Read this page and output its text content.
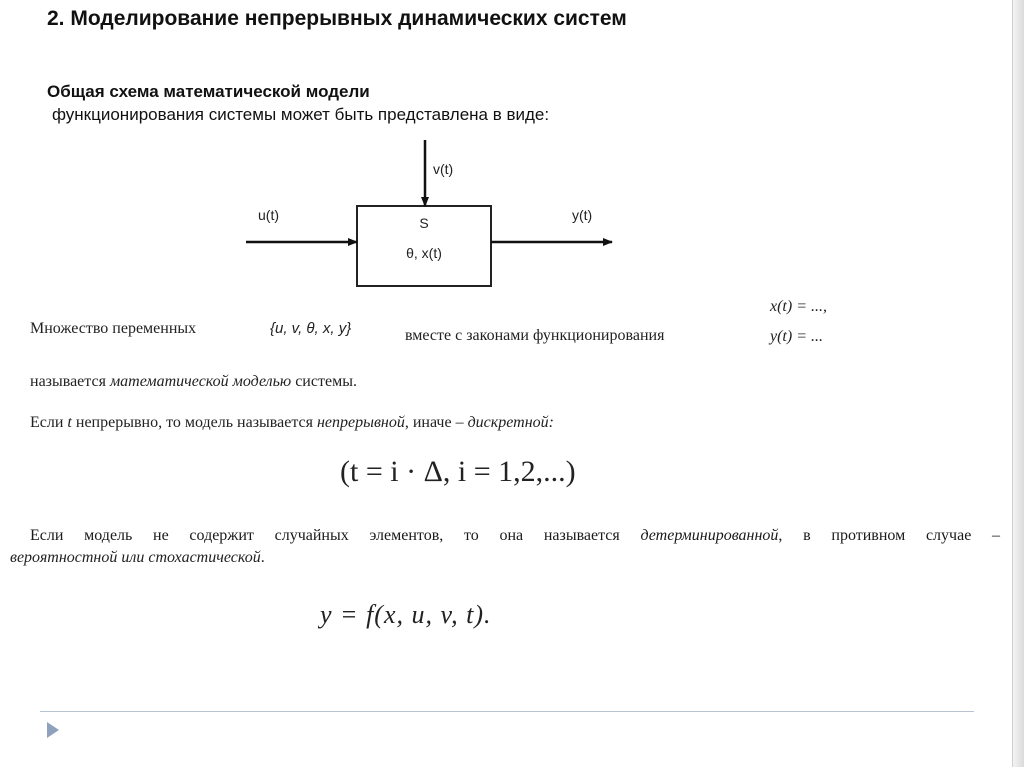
2. Моделирование непрерывных динамических систем
Общая схема математической модели
функционирования системы может быть представлена в виде:
u(t)
v(t)
y(t)
S
θ, x(t)
Множество переменных	{u, v, θ, x, y}	вместе с законами функционирования
x(t) = ...,
y(t) = ...
называется математической моделью системы.
Если t непрерывно, то модель называется непрерывной, иначе – дискретной:
(t = i · Δ, i = 1,2,...)
Если модель не содержит случайных элементов, то она называется детерминированной, в противном случае –
вероятностной или стохастической.
y = f(x, u, v, t).
